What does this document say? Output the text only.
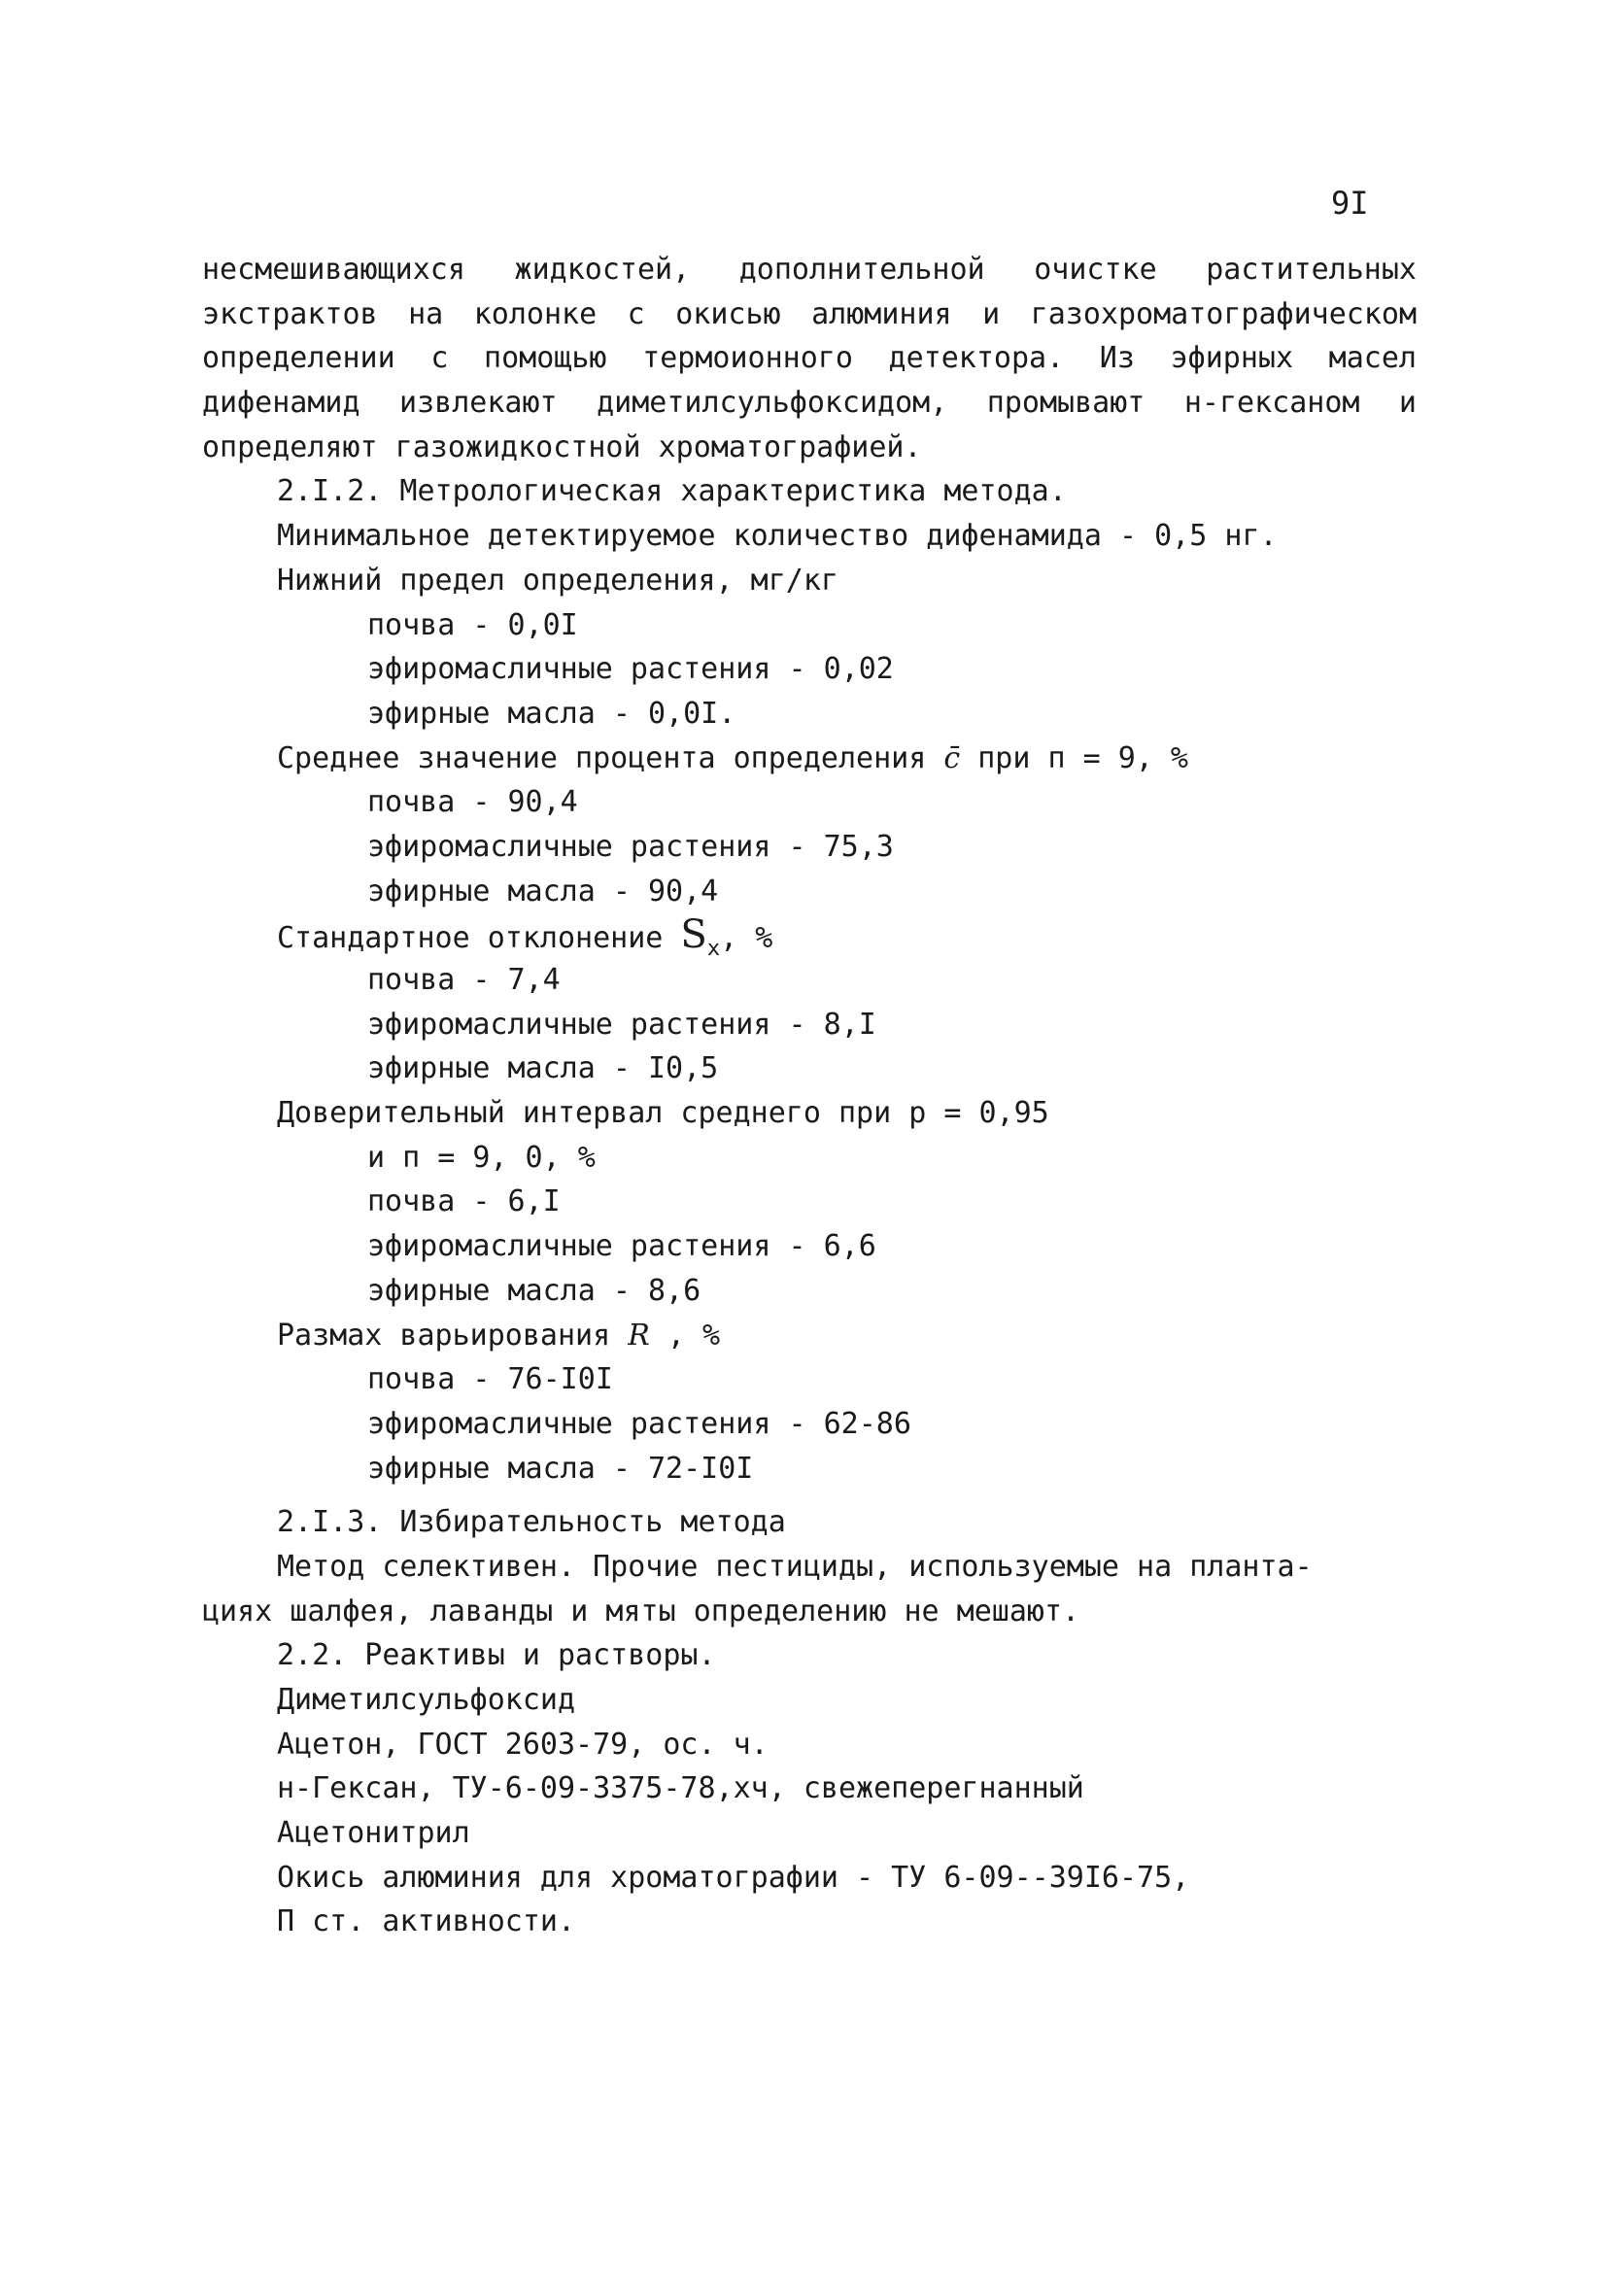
9I
несмешивающихся жидкостей, дополнительной очистке растительных
экстрактов на колонке с окисью алюминия и газохроматографическом
определении с помощью термоионного детектора. Из эфирных масел
дифенамид извлекают диметилсульфоксидом, промывают н-гексаном и
определяют газожидкостной хроматографией.
2.I.2. Метрологическая характеристика метода.
Минимальное детектируемое количество дифенамида - 0,5 нг.
Нижний предел определения, мг/кг
почва - 0,0I
эфиромасличные растения - 0,02
эфирные масла - 0,0I.
Среднее значение процента определения c̄ при п = 9, %
почва - 90,4
эфиромасличные растения - 75,3
эфирные масла - 90,4
Стандартное отклонение $S_x$, %
почва - 7,4
эфиромасличные растения - 8,I
эфирные масла - I0,5
Доверительный интервал среднего при p = 0,95
и п = 9, 0, %
почва - 6,I
эфиромасличные растения - 6,6
эфирные масла - 8,6
Размах варьирования R , %
почва - 76-I0I
эфиромасличные растения - 62-86
эфирные масла - 72-I0I
2.I.3. Избирательность метода
Метод селективен. Прочие пестициды, используемые на планта-
циях шалфея, лаванды и мяты определению не мешают.
2.2. Реактивы и растворы.
Диметилсульфоксид
Ацетон, ГОСТ 2603-79, ос. ч.
н-Гексан, ТУ-6-09-3375-78,хч, свежеперегнанный
Ацетонитрил
Окись алюминия для хроматографии - ТУ 6-09--39I6-75,
П ст. активности.
